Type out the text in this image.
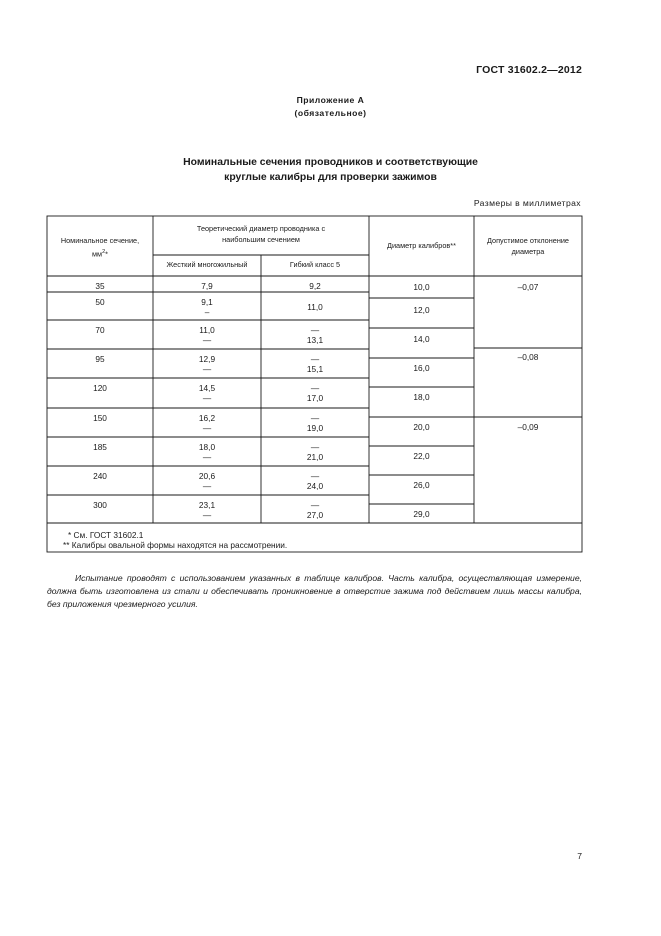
ГОСТ 31602.2—2012
Приложение А
(обязательное)
Номинальные сечения проводников и соответствующие
круглые калибры для проверки зажимов
Размеры в миллиметрах
Номинальное сечение,
$мм^2*$
Теоретический диаметр проводника с
наибольшим сечением
Жесткий многожильный	Гибкий класс 5
Диаметр калибров**
Допустимое отклонение
диаметра
35
50
70
95
120
150
185
240
300
7,9
9,1
–
11,0
—
12,9
—
14,5
—
16,2
—
18,0
—
20,6
—
23,1
—
9,2
11,0
—
13,1
—
15,1
—
17,0
—
19,0
—
21,0
—
24,0
—
27,0
10,0
12,0
14,0
16,0
18,0
20,0
22,0
26,0
29,0
–0,07
–0,08
–0,09
* См. ГОСТ 31602.1
** Калибры овальной формы находятся на рассмотрении.
Испытание проводят с использованием указанных в таблице калибров. Часть калибра, осуществляющая измерение, должна быть изготовлена из стали и обеспечивать проникновение в отверстие зажима под действием лишь массы калибра, без приложения чрезмерного усилия.
7
